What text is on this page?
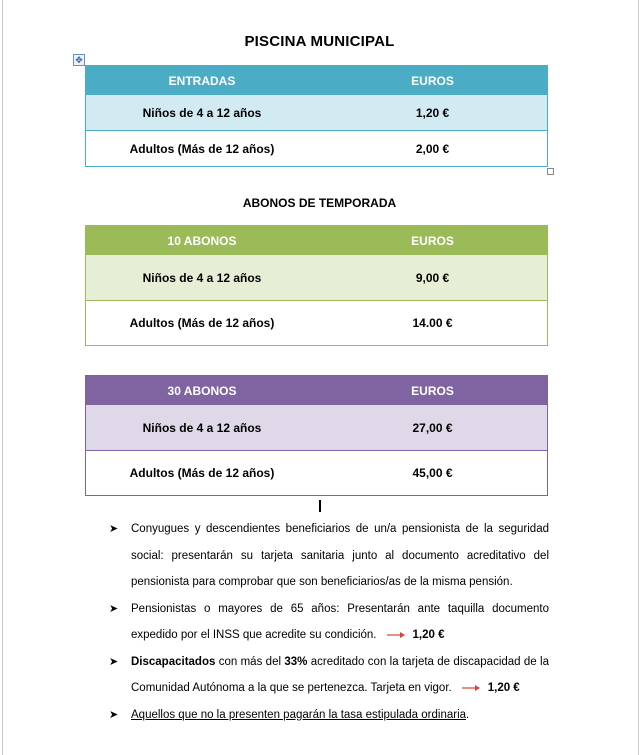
PISCINA MUNICIPAL
✥
ENTRADAS	EUROS
Niños de 4 a 12 años	1,20 €
Adultos (Más de 12 años)	2,00 €
ABONOS DE TEMPORADA
10 ABONOS	EUROS
Niños de 4 a 12 años	9,00 €
Adultos (Más de 12 años)	14.00 €
30 ABONOS	EUROS
Niños de 4 a 12 años	27,00 €
Adultos (Más de 12 años)	45,00 €
➤ Conyugues y descendientes beneficiarios de un/a pensionista de la seguridad social: presentarán su tarjeta sanitaria junto al documento acreditativo del pensionista para comprobar que son beneficiarios/as de la misma pensión.
➤ Pensionistas o mayores de 65 años: Presentarán ante taquilla documento expedido por el INSS que acredite su condición.	1,20 €
➤ Discapacitados con más del 33% acreditado con la tarjeta de discapacidad de la Comunidad Autónoma a la que se pertenezca. Tarjeta en vigor.	1,20 €
➤ Aquellos que no la presenten pagarán la tasa estipulada ordinaria.
